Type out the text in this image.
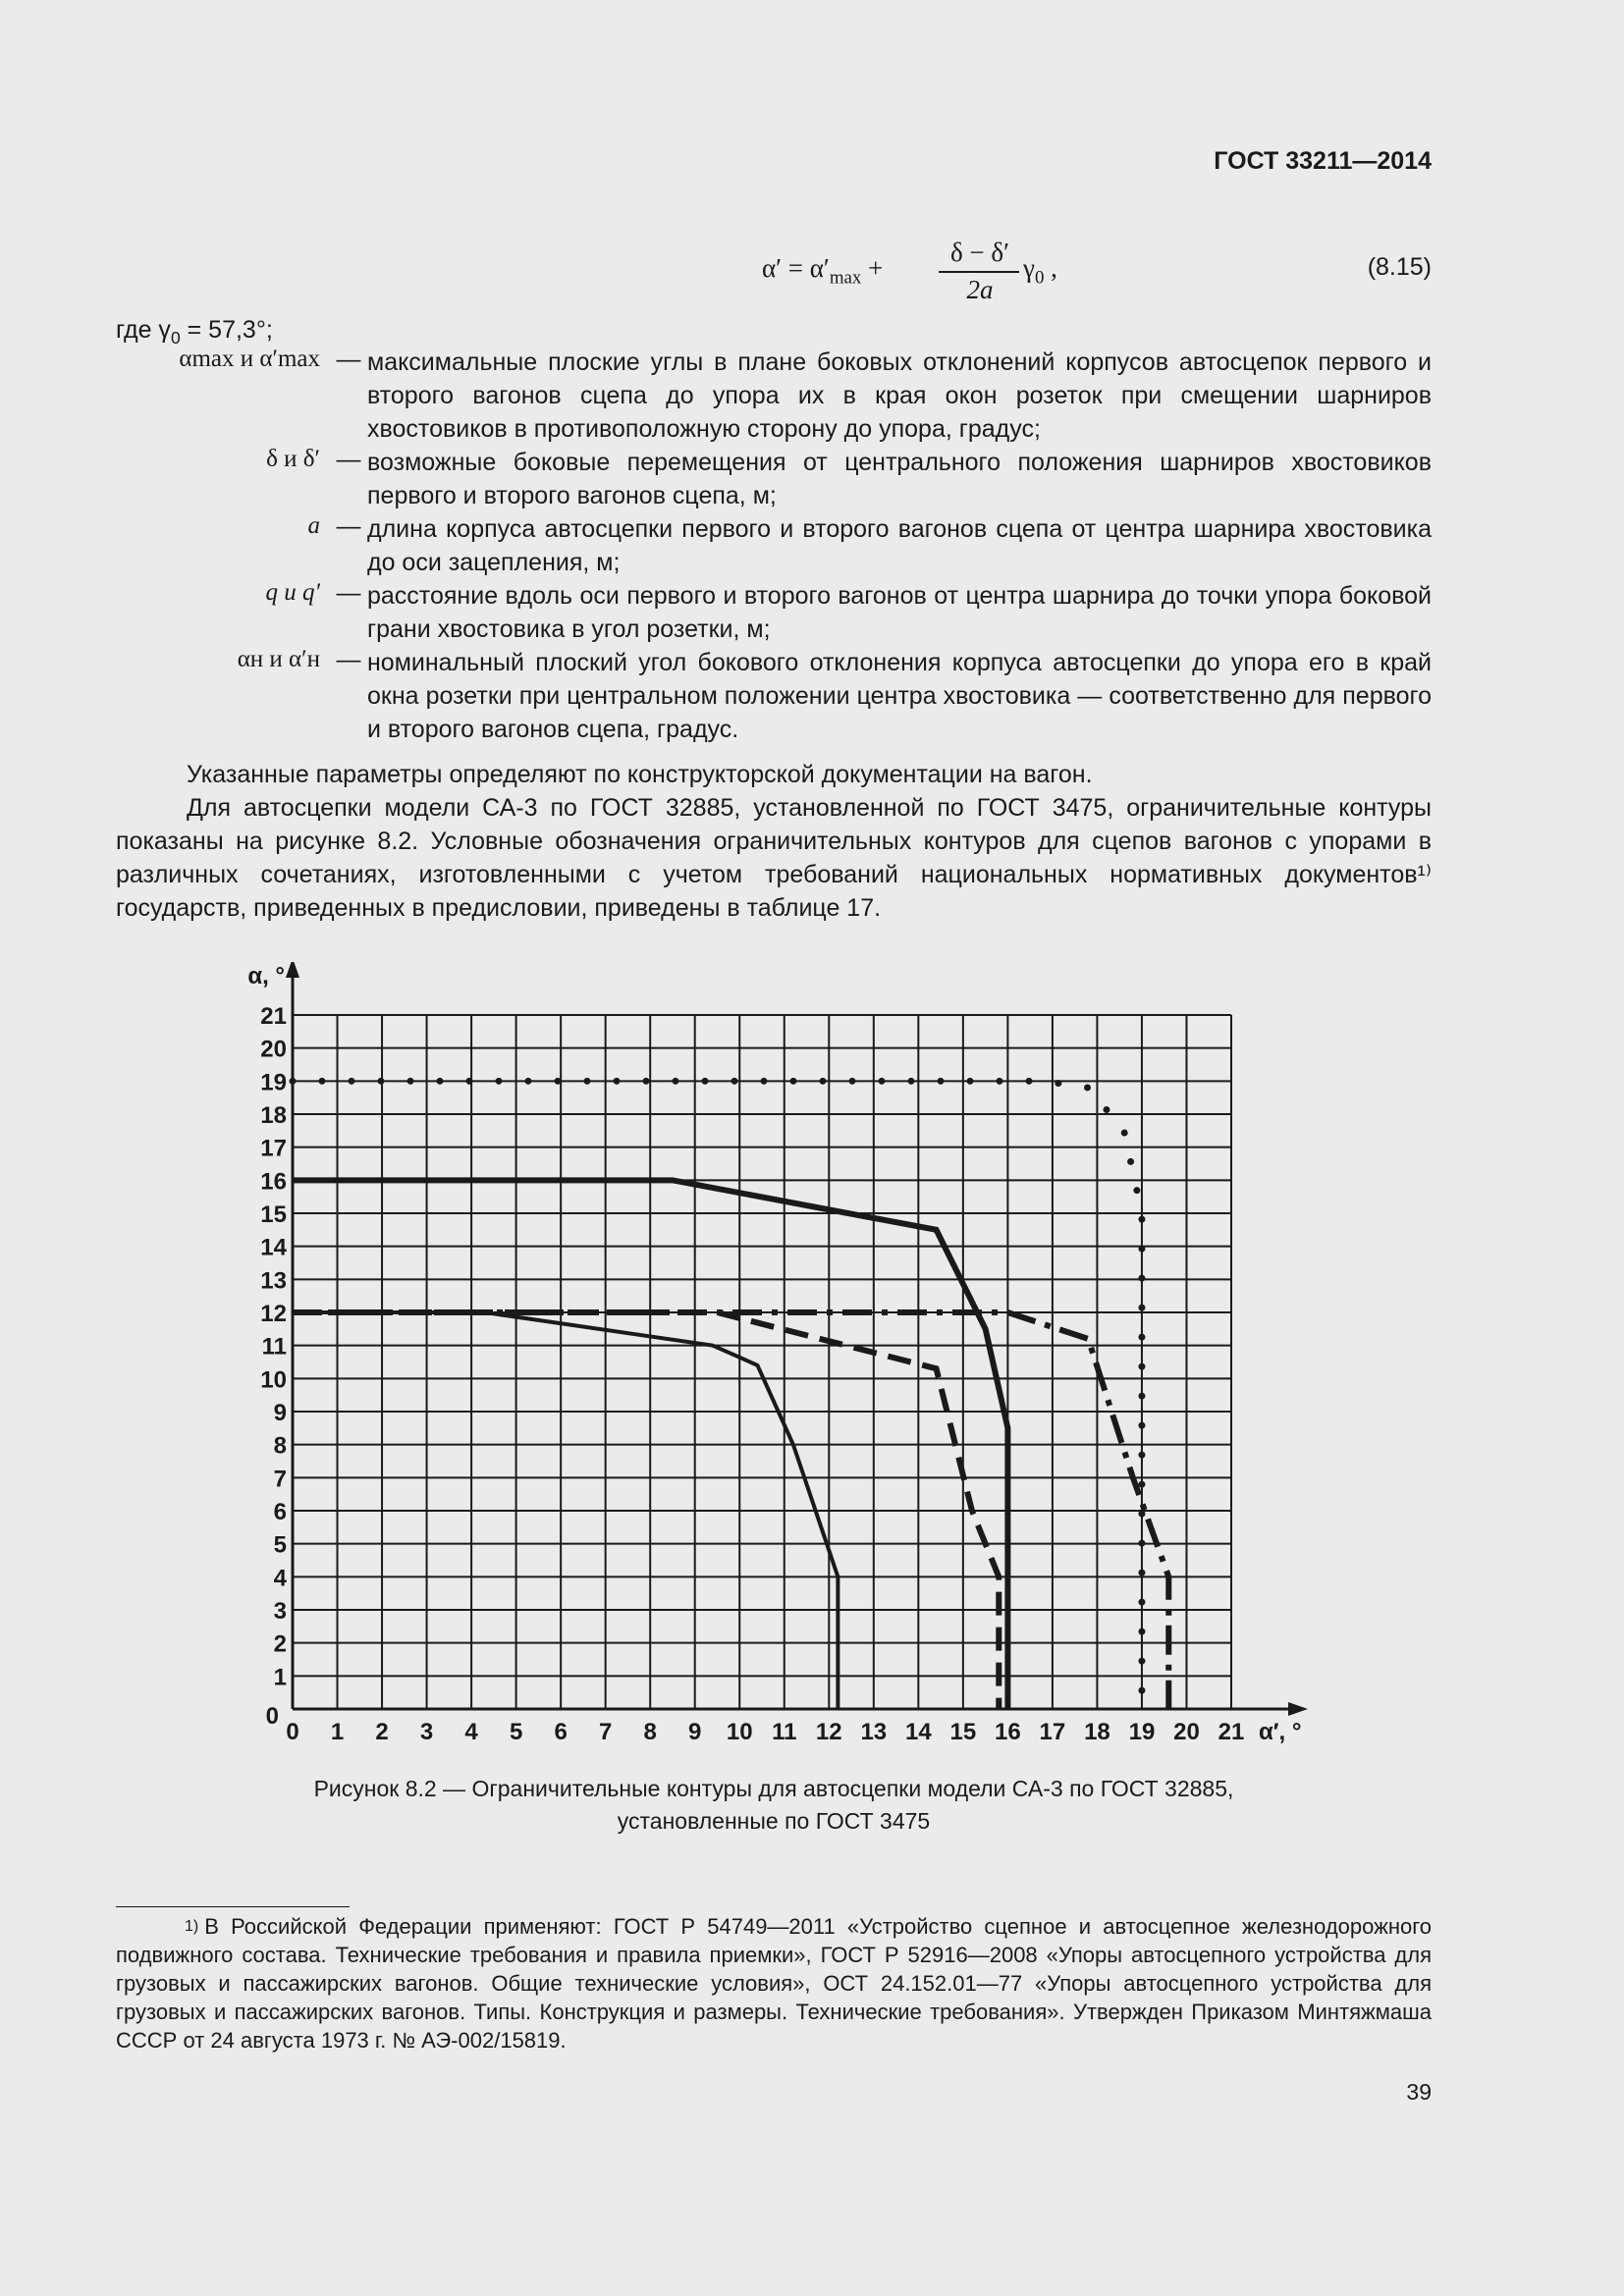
ГОСТ 33211—2014
$\alpha' = \alpha'_{max}$ +
δ − δ′
2a
$\gamma_0$ ,	(8.15)
где $\gamma_0 = 57,3^\circ$;
αmax и α′max — максимальные плоские углы в плане боковых отклонений корпусов автосцепок первого и второго вагонов сцепа до упора их в края окон розеток при смещении шарниров хвостовиков в противоположную сторону до упора, градус;
δ и δ′ — возможные боковые перемещения от центрального положения шарниров хвостовиков первого и второго вагонов сцепа, м;
a — длина корпуса автосцепки первого и второго вагонов сцепа от центра шарнира хвостовика до оси зацепления, м;
q и q′ — расстояние вдоль оси первого и второго вагонов от центра шарнира до точки упора боковой грани хвостовика в угол розетки, м;
αн и α′н — номинальный плоский угол бокового отклонения корпуса автосцепки до упора его в край окна розетки при центральном положении центра хвостовика — соответственно для первого и второго вагонов сцепа, градус.

Указанные параметры определяют по конструкторской документации на вагон.

Для автосцепки модели СА-3 по ГОСТ 32885, установленной по ГОСТ 3475, ограничительные контуры показаны на рисунке 8.2. Условные обозначения ограничительных контуров для сцепов вагонов с упорами в различных сочетаниях, изготовленными с учетом требований национальных нормативных документов¹⁾ государств, приведенных в предисловии, приведены в таблице 17.

0 1 2 3 4 5 6 7 8 9 10 11 12 13 14 15 16 17 18 19 20 21
1
2
3
4
5
6
7
8
9
10
11
12
13
14
15
16
17
18
19
20
21
0
α′, °
α, °
Рисунок 8.2 — Ограничительные контуры для автосцепки модели СА-3 по ГОСТ 32885,
установленные по ГОСТ 3475
$^{1)}$ В Российской Федерации применяют: ГОСТ Р 54749—2011 «Устройство сцепное и автосцепное железнодорожного подвижного состава. Технические требования и правила приемки», ГОСТ Р 52916—2008 «Упоры автосцепного устройства для грузовых и пассажирских вагонов. Общие технические условия», ОСТ 24.152.01—77 «Упоры автосцепного устройства для грузовых и пассажирских вагонов. Типы. Конструкция и размеры. Технические требования». Утвержден Приказом Минтяжмаша СССР от 24 августа 1973 г. № АЭ-002/15819.
39
